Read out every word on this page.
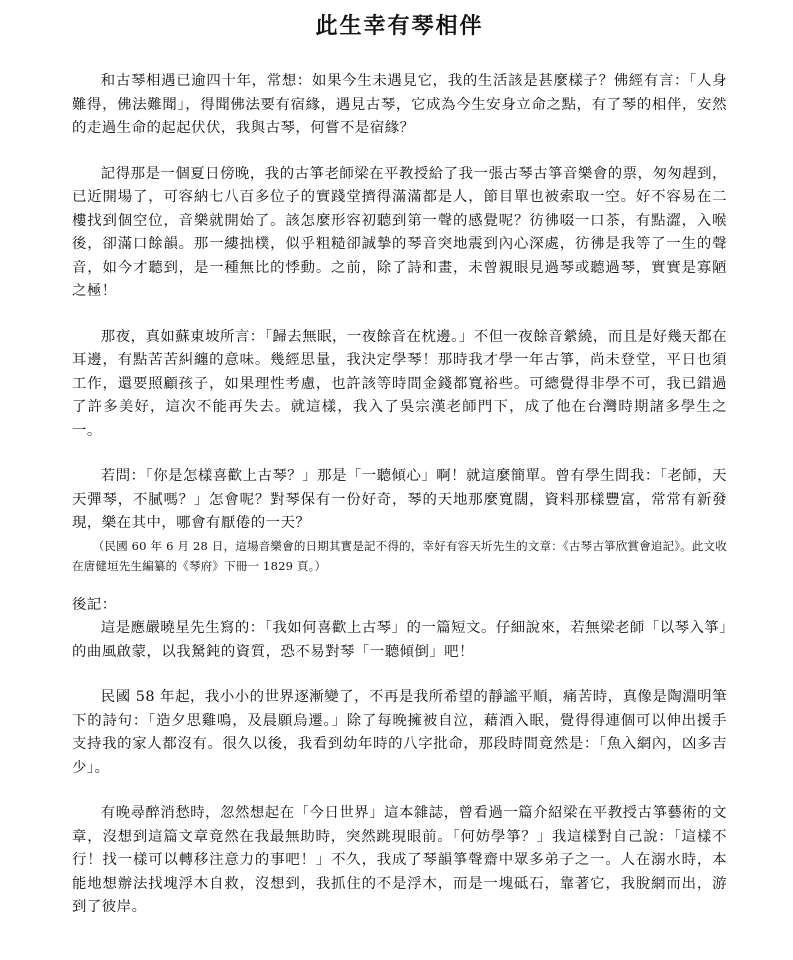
此生幸有琴相伴

和古琴相遇已逾四十年，常想：如果今生未遇見它，我的生活該是甚麼樣子？佛經有言：「人身難得，佛法難聞」，得聞佛法要有宿緣，遇見古琴，它成為今生安身立命之點，有了琴的相伴，安然的走過生命的起起伏伏，我與古琴，何嘗不是宿緣？

記得那是一個夏日傍晚，我的古箏老師梁在平教授給了我一張古琴古箏音樂會的票，匆匆趕到，已近開場了，可容納七八百多位子的實踐堂擠得滿滿都是人，節目單也被索取一空。好不容易在二樓找到個空位，音樂就開始了。該怎麼形容初聽到第一聲的感覺呢？彷彿啜一口茶，有點澀，入喉後，卻滿口餘韻。那一縷拙樸，似乎粗糙卻誠摯的琴音突地震到內心深處，彷彿是我等了一生的聲音，如今才聽到，是一種無比的悸動。之前，除了詩和畫，未曾親眼見過琴或聽過琴，實實是寡陋之極！

那夜，真如蘇東坡所言：「歸去無眠，一夜餘音在枕邊。」不但一夜餘音縈繞，而且是好幾天都在耳邊，有點苦苦糾纏的意味。幾經思量，我決定學琴！那時我才學一年古箏，尚未登堂，平日也須工作，還要照顧孩子，如果理性考慮，也許該等時間金錢都寬裕些。可總覺得非學不可，我已錯過了許多美好，這次不能再失去。就這樣，我入了吳宗漢老師門下，成了他在台灣時期諸多學生之一。

若問：「你是怎樣喜歡上古琴？」那是「一聽傾心」啊！就這麼簡單。曾有學生問我：「老師，天天彈琴，不膩嗎？」怎會呢？對琴保有一份好奇，琴的天地那麼寬闊，資料那樣豐富，常常有新發現，樂在其中，哪會有厭倦的一天？

（民國 60 年 6 月 28 日，這場音樂會的日期其實是記不得的，幸好有容天圻先生的文章：《古琴古箏欣賞會追記》。此文收在唐健垣先生編纂的《琴府》下冊一 1829 頁。）

後記：

這是應嚴曉星先生寫的：「我如何喜歡上古琴」的一篇短文。仔細說來，若無梁老師「以琴入箏」的曲風啟蒙，以我駑鈍的資質，恐不易對琴「一聽傾倒」吧！

民國 58 年起，我小小的世界逐漸變了，不再是我所希望的靜謐平順，痛苦時，真像是陶淵明筆下的詩句：「造夕思雞鳴，及晨願烏遷。」除了每晚擁被自泣，藉酒入眠，覺得得連個可以伸出援手支持我的家人都沒有。很久以後，我看到幼年時的八字批命，那段時間竟然是：「魚入網內，凶多吉少」。

有晚尋醉消愁時，忽然想起在「今日世界」這本雜誌，曾看過一篇介紹梁在平教授古箏藝術的文章，沒想到這篇文章竟然在我最無助時，突然跳現眼前。「何妨學箏？」我這樣對自己說：「這樣不行！找一樣可以轉移注意力的事吧！」不久，我成了琴韻箏聲齋中眾多弟子之一。人在溺水時，本能地想辦法找塊浮木自救，沒想到，我抓住的不是浮木，而是一塊砥石，靠著它，我脫網而出，游到了彼岸。
